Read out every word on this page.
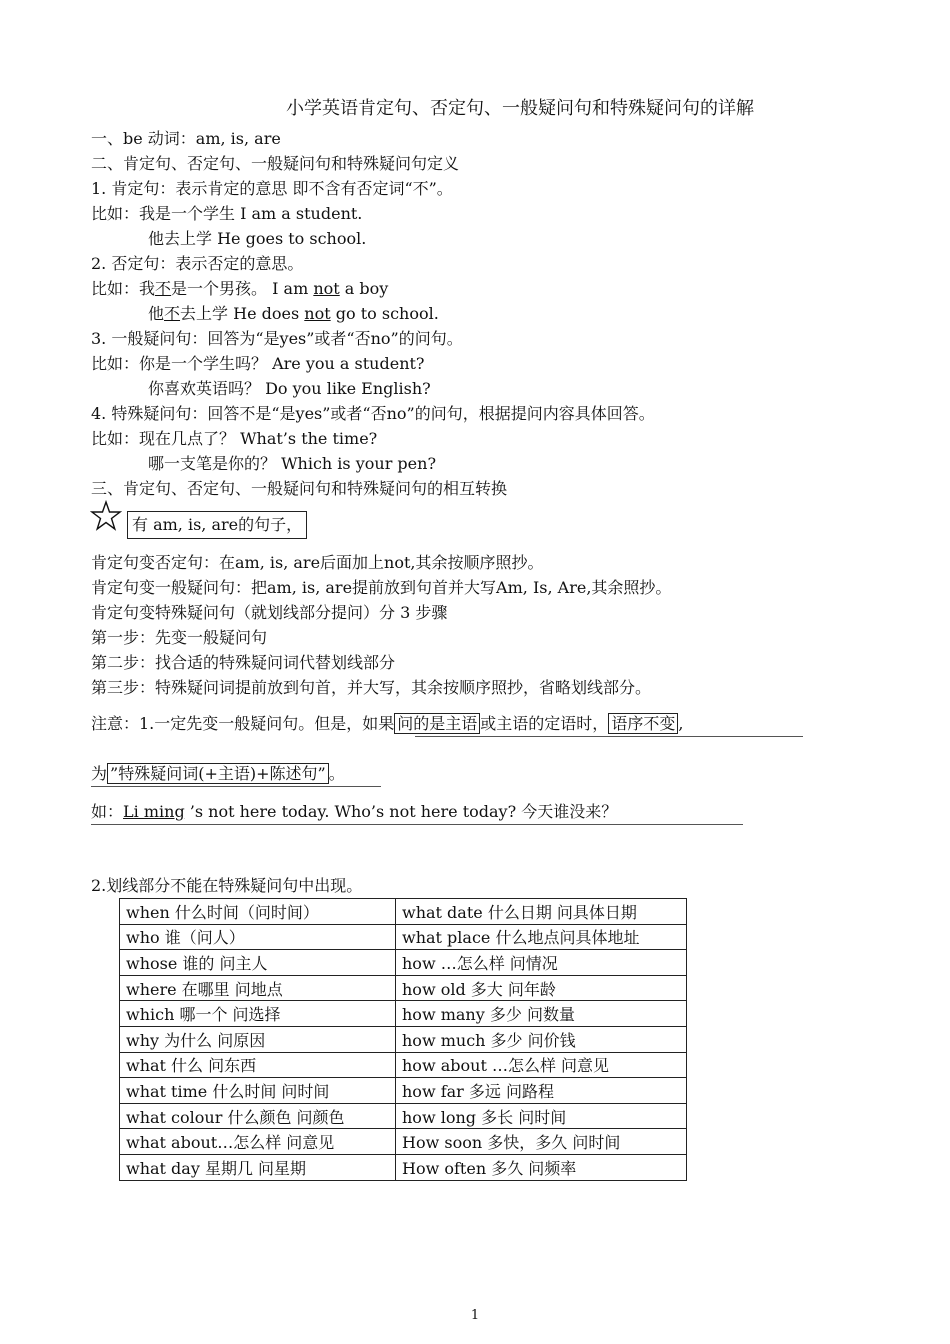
小学英语肯定句、否定句、一般疑问句和特殊疑问句的详解
一、be 动词：am, is, are
二、肯定句、否定句、一般疑问句和特殊疑问句定义
1. 肯定句：表示肯定的意思 即不含有否定词“不”。
比如：我是一个学生 I am a student.
他去上学 He goes to school.
2. 否定句：表示否定的意思。
比如：我不是一个男孩。 I am not a boy
他不去上学 He does not go to school.
3. 一般疑问句：回答为“是yes”或者“否no”的问句。
比如：你是一个学生吗？ Are you a student?
你喜欢英语吗？ Do you like English?
4. 特殊疑问句：回答不是“是yes”或者“否no”的问句，根据提问内容具体回答。
比如：现在几点了？ What’s the time?
哪一支笔是你的？ Which is your pen?
三、肯定句、否定句、一般疑问句和特殊疑问句的相互转换
有 am, is, are的句子，
肯定句变否定句：在am, is, are后面加上not,其余按顺序照抄。
肯定句变一般疑问句：把am, is, are提前放到句首并大写Am, Is, Are,其余照抄。
肯定句变特殊疑问句（就划线部分提问）分 3 步骤
第一步：先变一般疑问句
第二步：找合适的特殊疑问词代替划线部分
第三步：特殊疑问词提前放到句首，并大写，其余按顺序照抄，省略划线部分。
注意：1.一定先变一般疑问句。但是，如果 问的是主语 或主语的定语时， 语序不变 ,
为 ”特殊疑问词(+主语)+陈述句” 。
如：Li ming ’s not here today. Who’s not here today? 今天谁没来？
2.划线部分不能在特殊疑问句中出现。
when 什么时间（问时间）	what date 什么日期 问具体日期
who 谁（问人）	what place 什么地点问具体地址
whose 谁的 问主人	how …怎么样 问情况
where 在哪里 问地点	how old 多大 问年龄
which 哪一个 问选择	how many 多少 问数量
why 为什么 问原因	how much 多少 问价钱
what 什么 问东西	how about …怎么样 问意见
what time 什么时间 问时间	how far 多远 问路程
what colour 什么颜色 问颜色	how long 多长 问时间
what about…怎么样 问意见	How soon 多快，多久 问时间
what day 星期几 问星期	How often 多久 问频率
1
